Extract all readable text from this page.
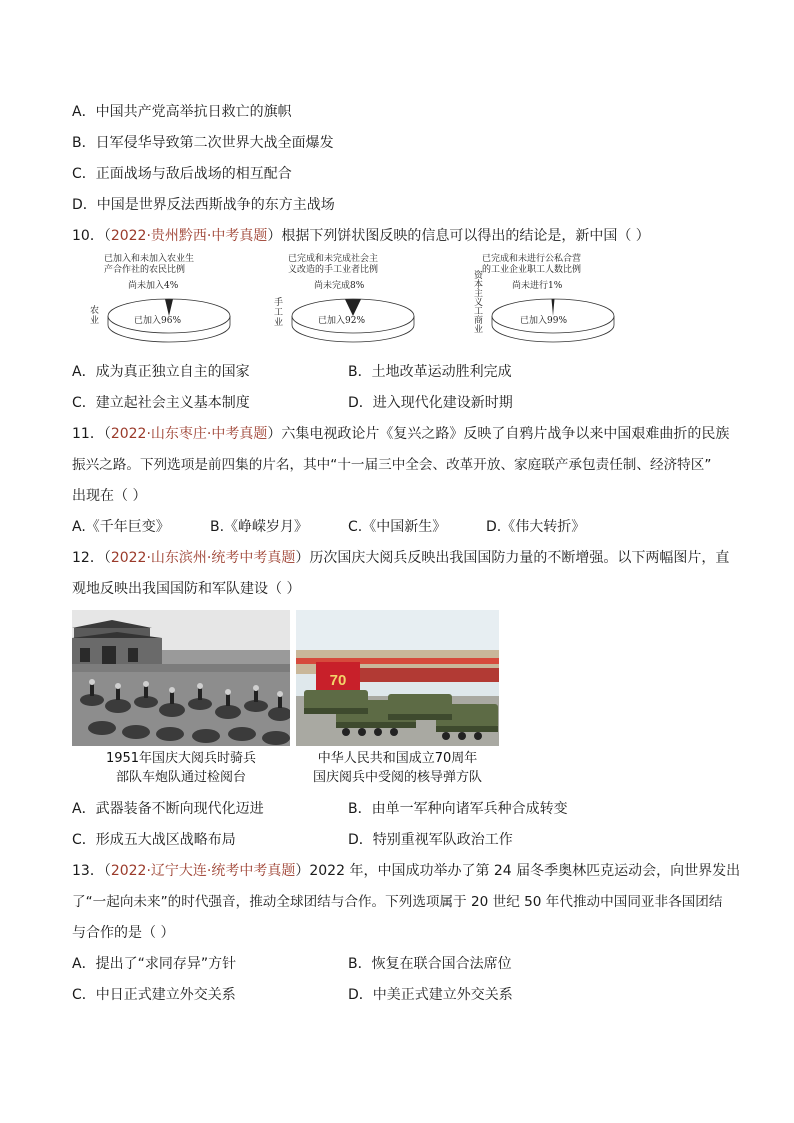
A．中国共产党高举抗日救亡的旗帜
B．日军侵华导致第二次世界大战全面爆发
C．正面战场与敌后战场的相互配合
D．中国是世界反法西斯战争的东方主战场
10．（2022·贵州黔西·中考真题）根据下列饼状图反映的信息可以得出的结论是，新中国（ ）
已加入和未加入农业生
产合作社的农民比例
尚未加入4%
农业	已加入96%
已完成和未完成社会主
义改造的手工业者比例
尚未完成8%
手工业	已加入92%
已完成和未进行公私合营
的工业企业职工人数比例
尚未进行1%
资本主义工商业	已加入99%
A．成为真正独立自主的国家	B．土地改革运动胜利完成
C．建立起社会主义基本制度	D．进入现代化建设新时期
11．（2022·山东枣庄·中考真题）六集电视政论片《复兴之路》反映了自鸦片战争以来中国艰难曲折的民族
振兴之路。下列选项是前四集的片名，其中“十一届三中全会、改革开放、家庭联产承包责任制、经济特区”
出现在（ ）
A.《千年巨变》	B.《峥嵘岁月》	C.《中国新生》	D.《伟大转折》
12．（2022·山东滨州·统考中考真题）历次国庆大阅兵反映出我国国防力量的不断增强。以下两幅图片，直
观地反映出我国国防和军队建设（ ）
70
1951年国庆大阅兵时骑兵
部队车炮队通过检阅台
中华人民共和国成立70周年
国庆阅兵中受阅的核导弹方队
A．武器装备不断向现代化迈进	B．由单一军种向诸军兵种合成转变
C．形成五大战区战略布局	D．特别重视军队政治工作
13．（2022·辽宁大连·统考中考真题）2022 年，中国成功举办了第 24 届冬季奥林匹克运动会，向世界发出
了“一起向未来”的时代强音，推动全球团结与合作。下列选项属于 20 世纪 50 年代推动中国同亚非各国团结
与合作的是（ ）
A．提出了“求同存异”方针	B．恢复在联合国合法席位
C．中日正式建立外交关系	D．中美正式建立外交关系
